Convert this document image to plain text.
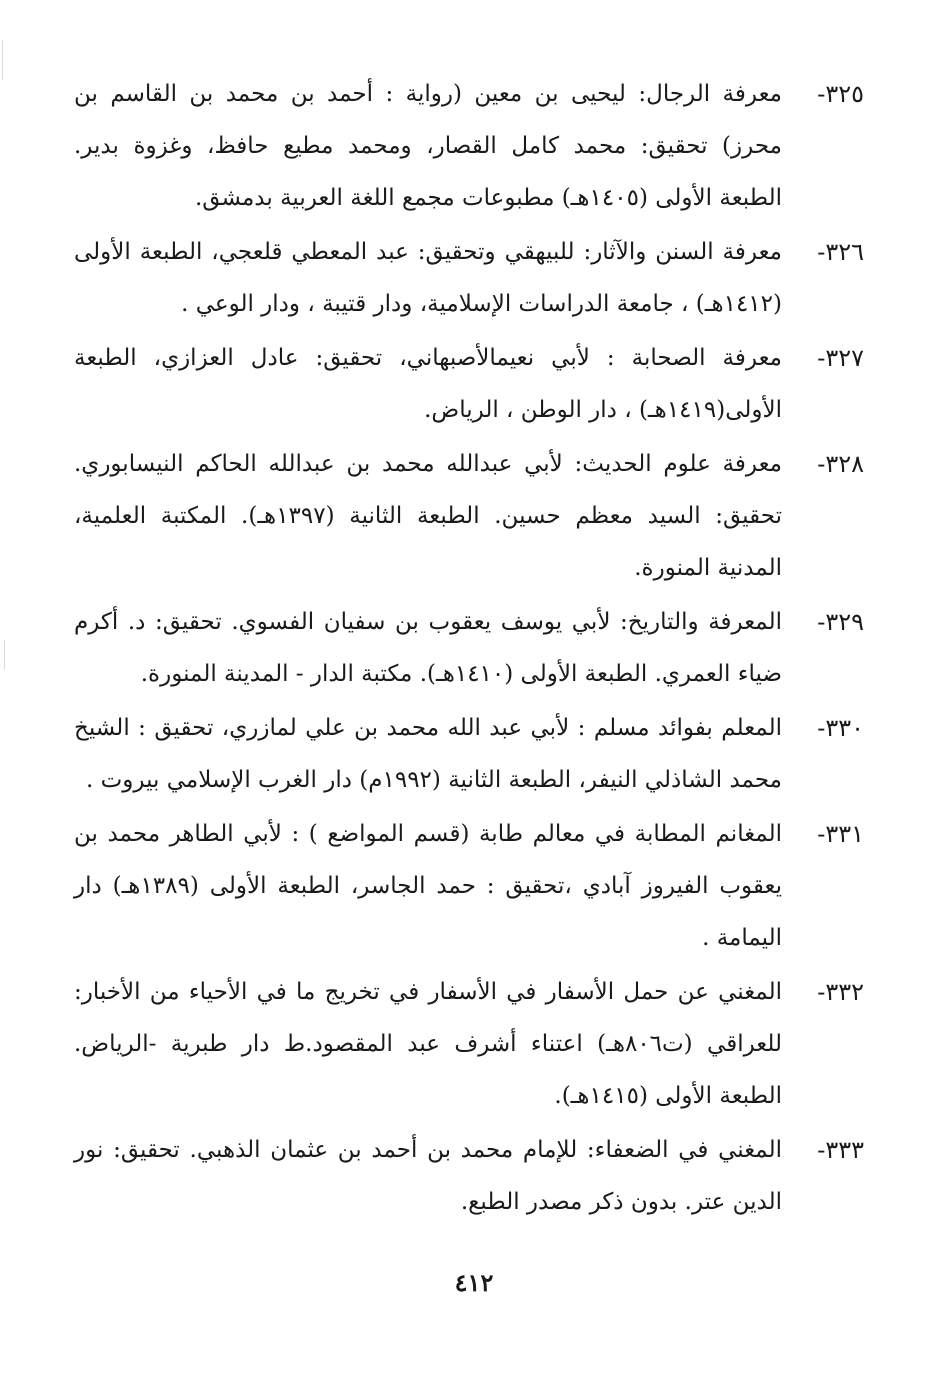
٣٢٥-
معرفة الرجال: ليحيى بن معين (رواية : أحمد بن محمد بن القاسم بن محرز) تحقيق: محمد كامل القصار، ومحمد مطيع حافظ، وغزوة بدير. الطبعة الأولى (١٤٠٥هـ) مطبوعات مجمع اللغة العربية بدمشق.
٣٢٦-
معرفة السنن والآثار: للبيهقي وتحقيق: عبد المعطي قلعجي، الطبعة الأولى (١٤١٢هـ) ، جامعة الدراسات الإسلامية، ودار قتيبة ، ودار الوعي .
٣٢٧-
معرفة الصحابة : لأبي نعيمالأصبهاني، تحقيق: عادل العزازي، الطبعة الأولى(١٤١٩هـ) ، دار الوطن ، الرياض.
٣٢٨-
معرفة علوم الحديث: لأبي عبدالله محمد بن عبدالله الحاكم النيسابوري. تحقيق: السيد معظم حسين. الطبعة الثانية (١٣٩٧هـ). المكتبة العلمية، المدنية المنورة.
٣٢٩-
المعرفة والتاريخ: لأبي يوسف يعقوب بن سفيان الفسوي. تحقيق: د. أكرم ضياء العمري. الطبعة الأولى (١٤١٠هـ). مكتبة الدار - المدينة المنورة.
٣٣٠-
المعلم بفوائد مسلم : لأبي عبد الله محمد بن علي لمازري، تحقيق : الشيخ محمد الشاذلي النيفر، الطبعة الثانية (١٩٩٢م) دار الغرب الإسلامي بيروت .
٣٣١-
المغانم المطابة في معالم طابة (قسم المواضع ) : لأبي الطاهر محمد بن يعقوب الفيروز آبادي ،تحقيق : حمد الجاسر، الطبعة الأولى (١٣٨٩هـ) دار اليمامة .
٣٣٢-
المغني عن حمل الأسفار في الأسفار في تخريج ما في الأحياء من الأخبار: للعراقي (ت٨٠٦هـ) اعتناء أشرف عبد المقصود.ط دار طبرية -الرياض. الطبعة الأولى (١٤١٥هـ).
٣٣٣-
المغني في الضعفاء: للإمام محمد بن أحمد بن عثمان الذهبي. تحقيق: نور الدين عتر. بدون ذكر مصدر الطبع.
٤١٢
